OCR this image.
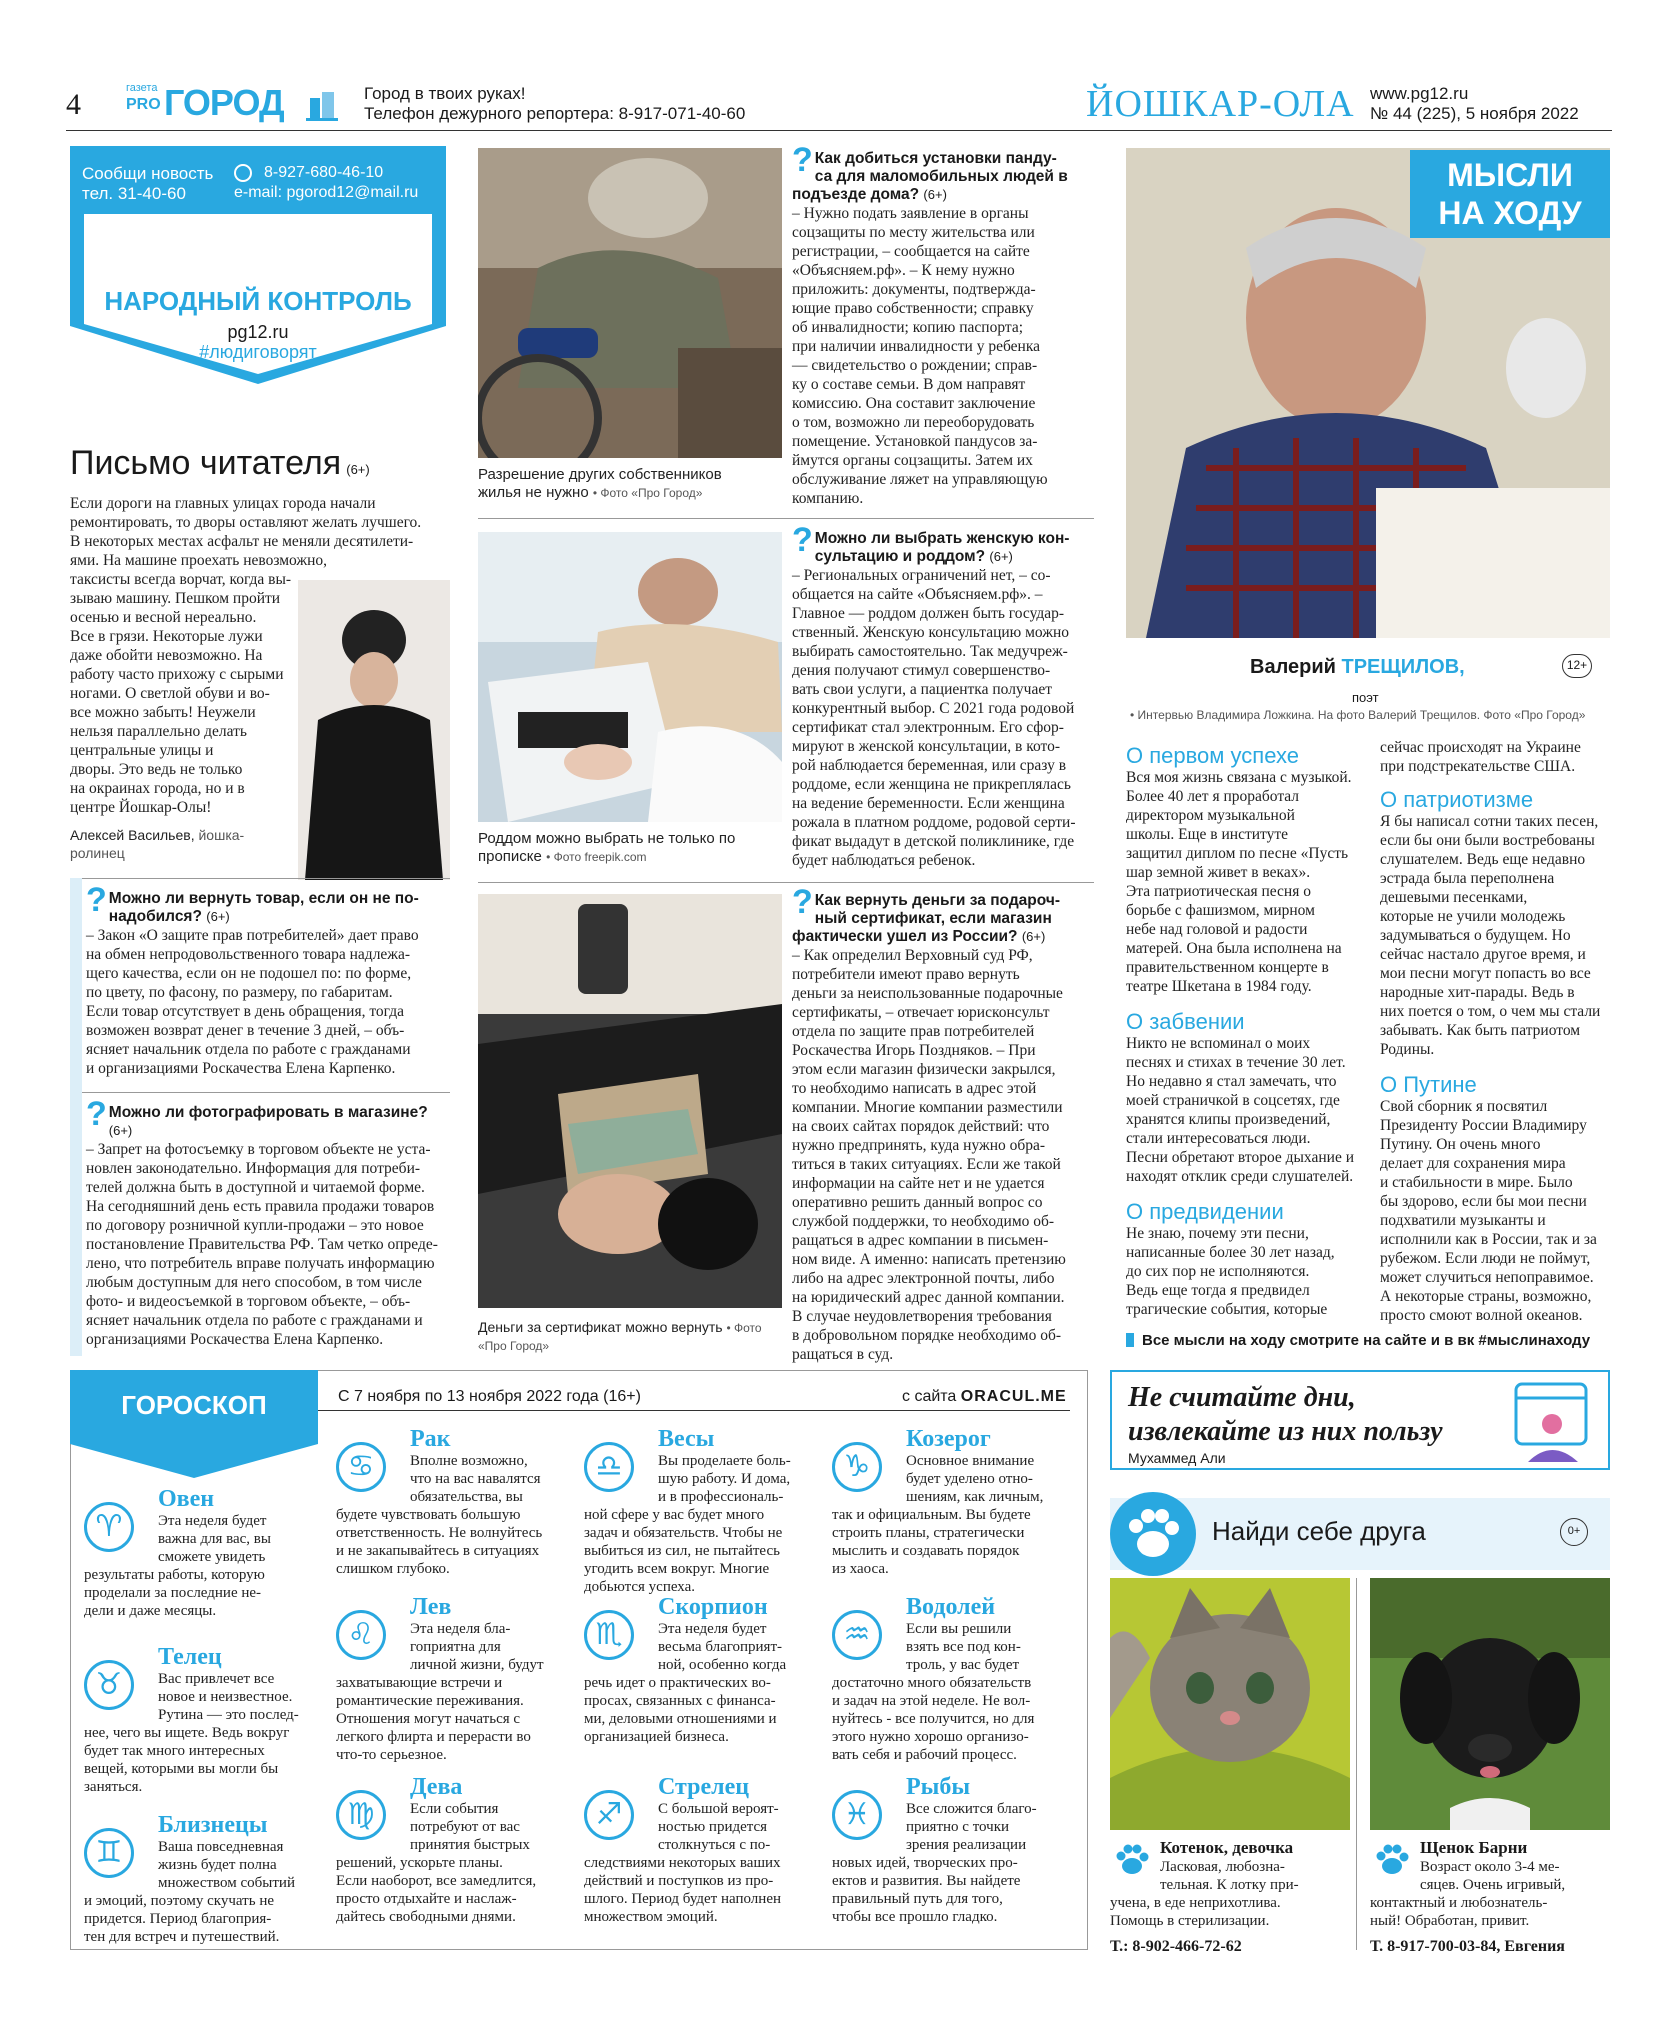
4	газета
PRO ГОРОД	Город в твоих руках!
Телефон дежурного репортера: 8-917-071-40-60	ЙОШКАР-ОЛА www.pg12.ru
№ 44 (225), 5 ноября 2022
Сообщи новость
тел. 31-40-60
8-927-680-46-10
e-mail: pgorod12@mail.ru
НАРОДНЫЙ КОНТРОЛЬ
pg12.ru
#людиговорят
Письмо читателя (6+)
Если дороги на главных улицах города начали
ремонтировать, то дворы оставляют желать лучшего.
В некоторых местах асфальт не меняли десятилети-
ями. На машине проехать невозможно,
таксисты всегда ворчат, когда вы-
зываю машину. Пешком пройти
осенью и весной нереально.
Все в грязи. Некоторые лужи
даже обойти невозможно. На
работу часто прихожу с сырыми
ногами. О светлой обуви и во-
все можно забыть! Неужели
нельзя параллельно делать
центральные улицы и
дворы. Это ведь не только
на окраинах города, но и в
центре Йошкар-Олы!
Алексей Васильев, йошка-
ролинец
? Можно ли вернуть товар, если он не по-
надобился? (6+)
– Закон «О защите прав потребителей» дает право
на обмен непродовольственного товара надлежа-
щего качества, если он не подошел по: по форме,
по цвету, по фасону, по размеру, по габаритам.
Если товар отсутствует в день обращения, тогда
возможен возврат денег в течение 3 дней, – объ-
ясняет начальник отдела по работе с гражданами
и организациями Роскачества Елена Карпенко.
? Можно ли фотографировать в магазине? (6+)
– Запрет на фотосъемку в торговом объекте не уста-
новлен законодательно. Информация для потреби-
телей должна быть в доступной и читаемой форме.
На сегодняшний день есть правила продажи товаров
по договору розничной купли-продажи – это новое
постановление Правительства РФ. Там четко опреде-
лено, что потребитель вправе получать информацию
любым доступным для него способом, в том числе
фото- и видеосъемкой в торговом объекте, – объ-
ясняет начальник отдела по работе с гражданами и
организациями Роскачества Елена Карпенко.
Разрешение других собственников
жилья не нужно • Фото «Про Город»
Роддом можно выбрать не только по
прописке • Фото freepik.com
Деньги за сертификат можно вернуть • Фото
«Про Город»
? Как добиться установки панду-
са для маломобильных людей в
подъезде дома? (6+)
– Нужно подать заявление в органы
соцзащиты по месту жительства или
регистрации, – сообщается на сайте
«Объясняем.рф». – К нему нужно
приложить: документы, подтвержда-
ющие право собственности; справку
об инвалидности; копию паспорта;
при наличии инвалидности у ребенка
— свидетельство о рождении; справ-
ку о составе семьи. В дом направят
комиссию. Она составит заключение
о том, возможно ли переоборудовать
помещение. Установкой пандусов за-
ймутся органы соцзащиты. Затем их
обслуживание ляжет на управляющую
компанию.
? Можно ли выбрать женскую кон-
сультацию и роддом? (6+)
– Региональных ограничений нет, – со-
общается на сайте «Объясняем.рф». –
Главное — роддом должен быть государ-
ственный. Женскую консультацию можно
выбирать самостоятельно. Так медучреж-
дения получают стимул совершенство-
вать свои услуги, а пациентка получает
конкурентный выбор. С 2021 года родовой
сертификат стал электронным. Его сфор-
мируют в женской консультации, в кото-
рой наблюдается беременная, или сразу в
роддоме, если женщина не прикреплялась
на ведение беременности. Если женщина
рожала в платном роддоме, родовой серти-
фикат выдадут в детской поликлинике, где
будет наблюдаться ребенок.
? Как вернуть деньги за подароч-
ный сертификат, если магазин
фактически ушел из России? (6+)
– Как определил Верховный суд РФ,
потребители имеют право вернуть
деньги за неиспользованные подарочные
сертификаты, – отвечает юрисконсульт
отдела по защите прав потребителей
Роскачества Игорь Поздняков. – При
этом если магазин физически закрылся,
то необходимо написать в адрес этой
компании. Многие компании разместили
на своих сайтах порядок действий: что
нужно предпринять, куда нужно обра-
титься в таких ситуациях. Если же такой
информации на сайте нет и не удается
оперативно решить данный вопрос со
службой поддержки, то необходимо об-
ращаться в адрес компании в письмен-
ном виде. А именно: написать претензию
либо на адрес электронной почты, либо
на юридический адрес данной компании.
В случае неудовлетворения требования
в добровольном порядке необходимо об-
ращаться в суд.
МЫСЛИ
НА ХОДУ
Валерий ТРЕЩИЛОВ,	12+
поэт
• Интервью Владимира Ложкина. На фото Валерий Трещилов. Фото «Про Город»
О первом успехе
Вся моя жизнь связана с музыкой.
Более 40 лет я проработал
директором музыкальной
школы. Еще в институте
защитил диплом по песне «Пусть
шар земной живет в веках».
Эта патриотическая песня о
борьбе с фашизмом, мирном
небе над головой и радости
матерей. Она была исполнена на
правительственном концерте в
театре Шкетана в 1984 году.
О забвении
Никто не вспоминал о моих
песнях и стихах в течение 30 лет.
Но недавно я стал замечать, что
моей страничкой в соцсетях, где
хранятся клипы произведений,
стали интересоваться люди.
Песни обретают второе дыхание и
находят отклик среди слушателей.
О предвидении
Не знаю, почему эти песни,
написанные более 30 лет назад,
до сих пор не исполняются.
Ведь еще тогда я предвидел
трагические события, которые
сейчас происходят на Украине
при подстрекательстве США.
О патриотизме
Я бы написал сотни таких песен,
если бы они были востребованы
слушателем. Ведь еще недавно
эстрада была переполнена
дешевыми песенками,
которые не учили молодежь
задумываться о будущем. Но
сейчас настало другое время, и
мои песни могут попасть во все
народные хит-парады. Ведь в
них поется о том, о чем мы стали
забывать. Как быть патриотом
Родины.
О Путине
Свой сборник я посвятил
Президенту России Владимиру
Путину. Он очень много
делает для сохранения мира
и стабильности в мире. Было
бы здорово, если бы мои песни
подхватили музыканты и
исполнили как в России, так и за
рубежом. Если люди не поймут,
может случиться непоправимое.
А некоторые страны, возможно,
просто смоют волной океанов.
Все мысли на ходу смотрите на сайте и в вк #мыслинаходу
ГОРОСКОП	С 7 ноября по 13 ноября 2022 года (16+)	с сайта ORACUL.ME
♈
Овен
Эта неделя будет
важна для вас, вы
сможете увидеть
результаты работы, которую
проделали за последние не-
дели и даже месяцы.
♉
Телец
Вас привлечет все
новое и неизвестное.
Рутина — это послед-
нее, чего вы ищете. Ведь вокруг
будет так много интересных
вещей, которыми вы могли бы
заняться.
♊
Близнецы
Ваша повседневная
жизнь будет полна
множеством событий
и эмоций, поэтому скучать не
придется. Период благоприя-
тен для встреч и путешествий.
♋
Рак
Вполне возможно,
что на вас навалятся
обязательства, вы
будете чувствовать большую
ответственность. Не волнуйтесь
и не закапывайтесь в ситуациях
слишком глубоко.
♌
Лев
Эта неделя бла-
гоприятна для
личной жизни, будут
захватывающие встречи и
романтические переживания.
Отношения могут начаться с
легкого флирта и перерасти во
что-то серьезное.
♍
Дева
Если события
потребуют от вас
принятия быстрых
решений, ускорьте планы.
Если наоборот, все замедлится,
просто отдыхайте и наслаж-
дайтесь свободными днями.
♎
Весы
Вы проделаете боль-
шую работу. И дома,
и в профессиональ-
ной сфере у вас будет много
задач и обязательств. Чтобы не
выбиться из сил, не пытайтесь
угодить всем вокруг. Многие
добьются успеха.
♏
Скорпион
Эта неделя будет
весьма благоприят-
ной, особенно когда
речь идет о практических во-
просах, связанных с финанса-
ми, деловыми отношениями и
организацией бизнеса.
♐
Стрелец
С большой вероят-
ностью придется
столкнуться с по-
следствиями некоторых ваших
действий и поступков из про-
шлого. Период будет наполнен
множеством эмоций.
♑
Козерог
Основное внимание
будет уделено отно-
шениям, как личным,
так и официальным. Вы будете
строить планы, стратегически
мыслить и создавать порядок
из хаоса.
♒
Водолей
Если вы решили
взять все под кон-
троль, у вас будет
достаточно много обязательств
и задач на этой неделе. Не вол-
нуйтесь - все получится, но для
этого нужно хорошо организо-
вать себя и рабочий процесс.
♓
Рыбы
Все сложится благо-
приятно с точки
зрения реализации
новых идей, творческих про-
ектов и развития. Вы найдете
правильный путь для того,
чтобы все прошло гладко.
Не считайте дни,
извлекайте из них пользу
Мухаммед Али
Найди себе друга	0+
Котенок, девочка
Ласковая, любозна-
тельная. К лотку при-
учена, в еде неприхотлива.
Помощь в стерилизации.
Т.: 8-902-466-72-62
Щенок Барни
Возраст около 3-4 ме-
сяцев. Очень игривый,
контактный и любознатель-
ный! Обработан, привит.
Т. 8-917-700-03-84, Евгения
